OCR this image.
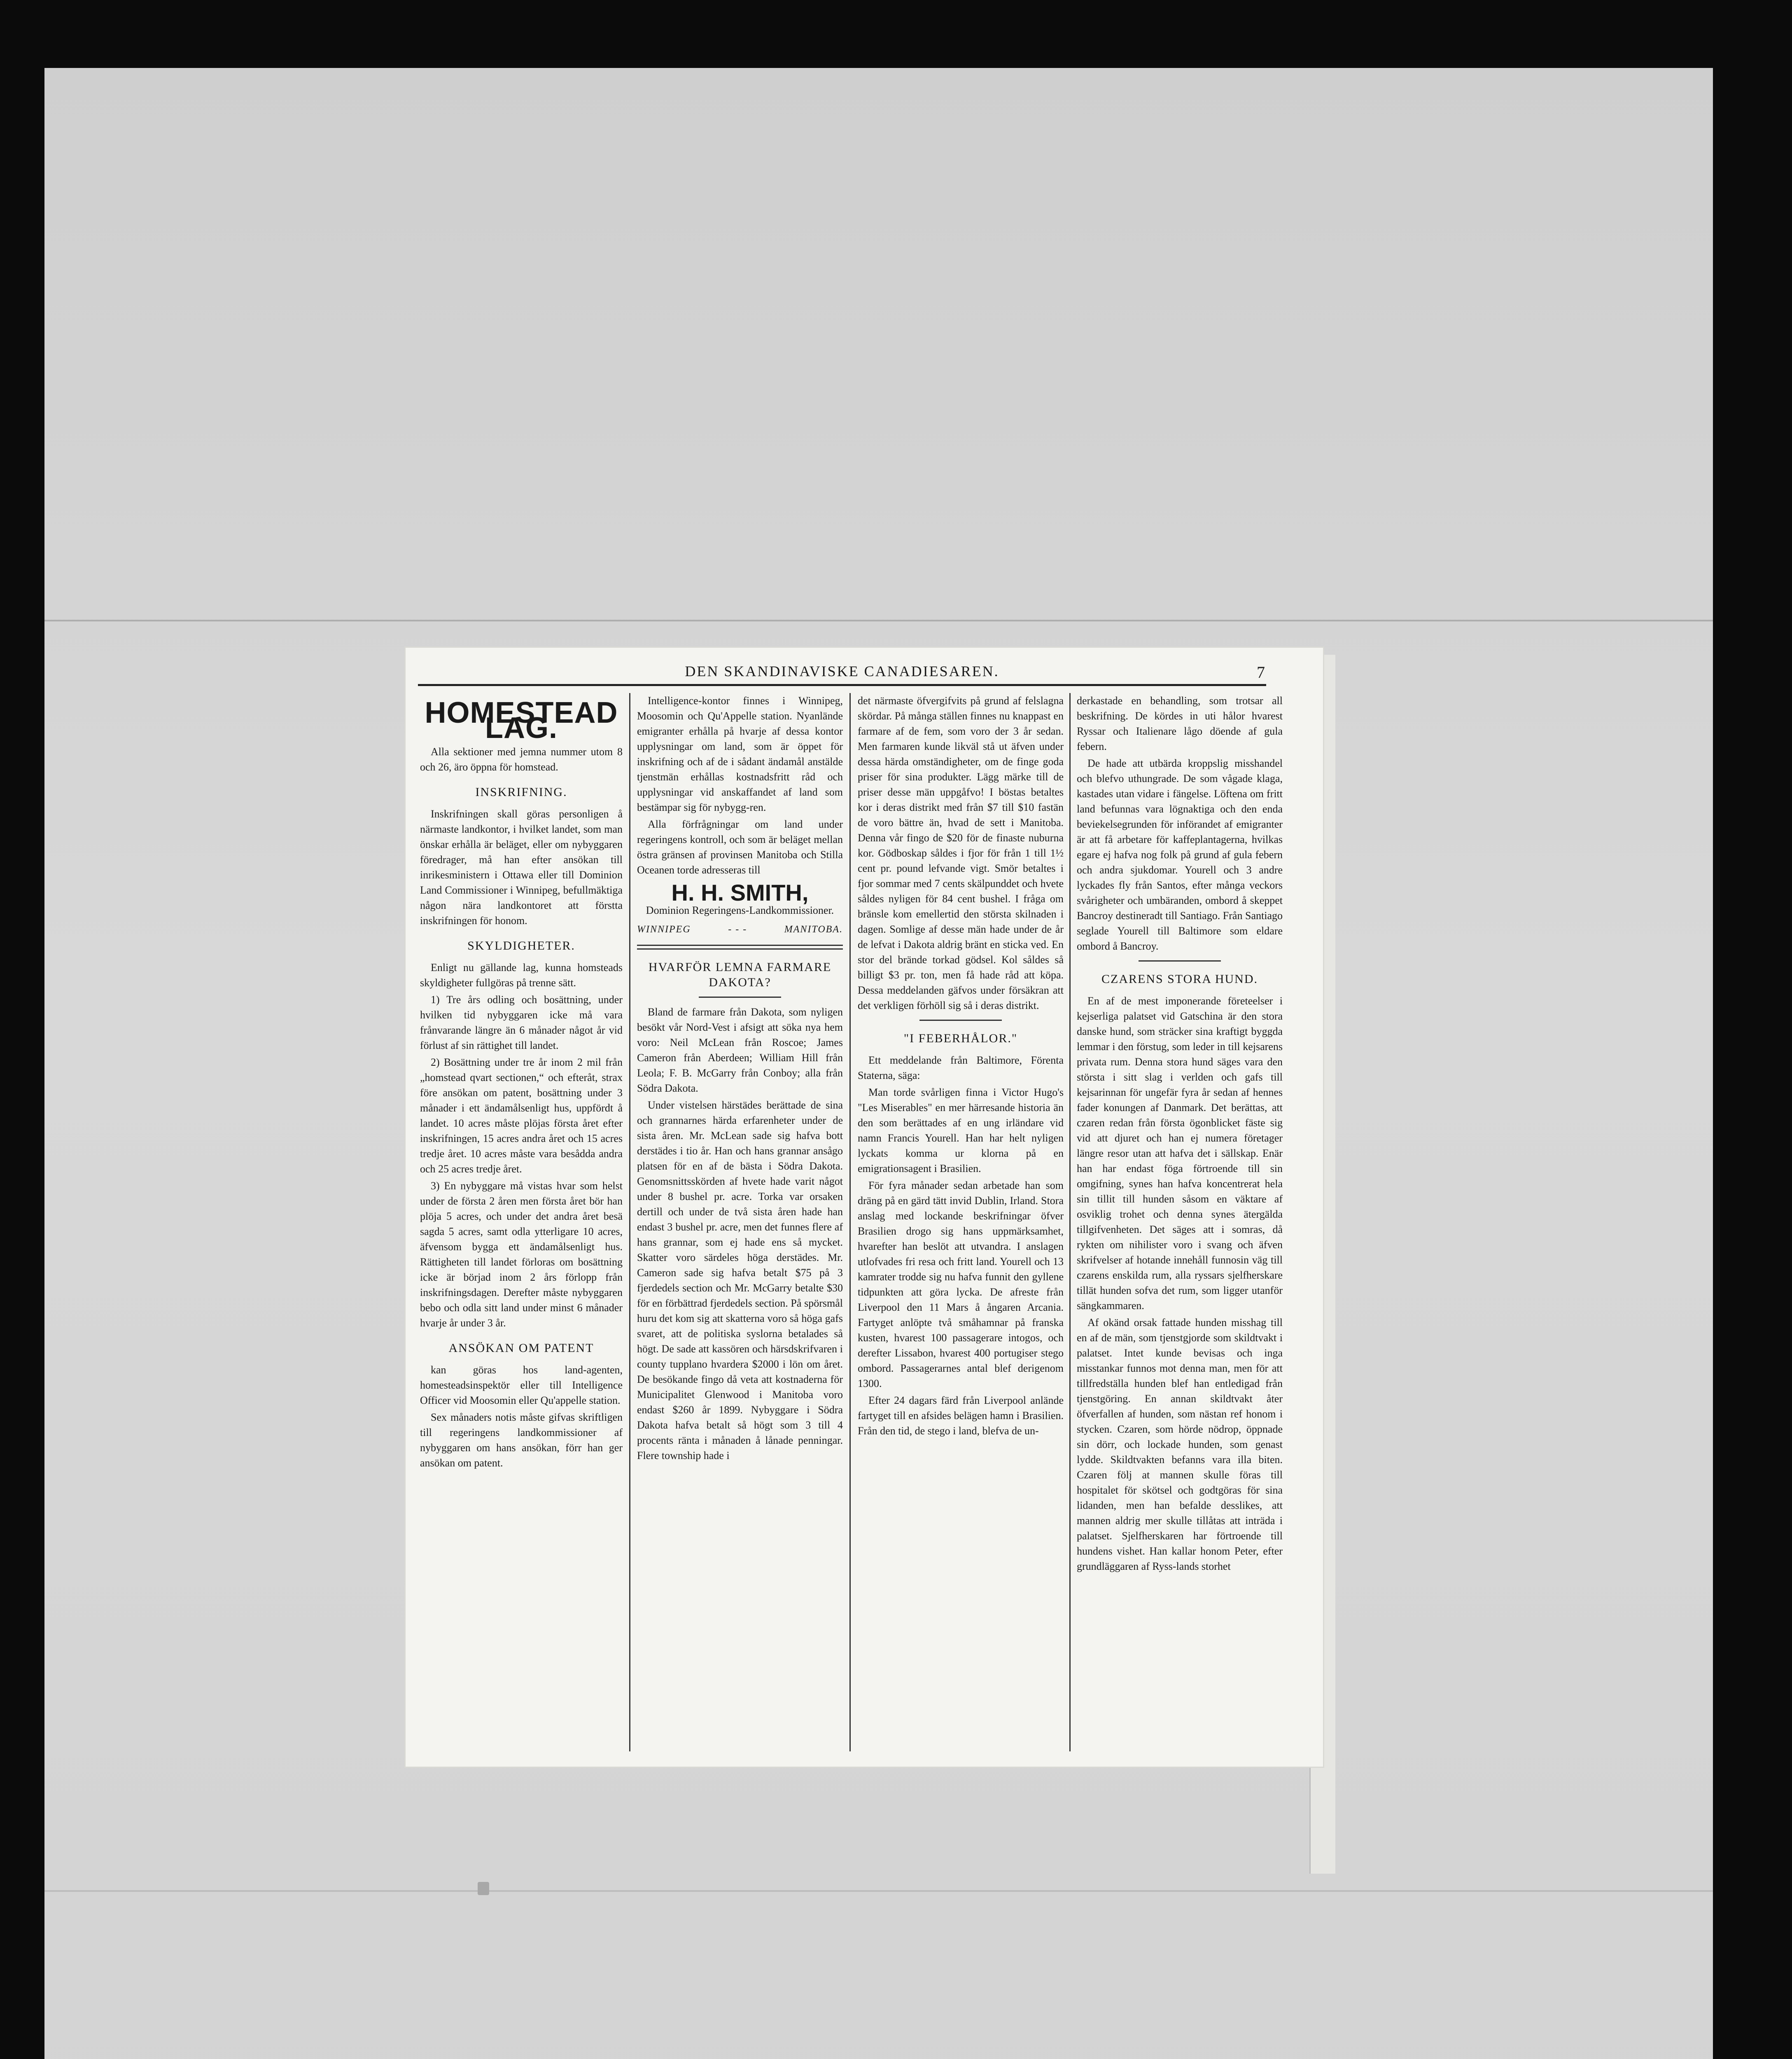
DEN SKANDINAVISKE CANADIESAREN.	7
HOMESTEAD LAG.

Alla sektioner med jemna nummer utom 8 och 26, äro öppna för homstead.

INSKRIFNING.

Inskrifningen skall göras personligen å närmaste landkontor, i hvilket landet, som man önskar erhålla är beläget, eller om nybyggaren föredrager, må han efter ansökan till inrikesministern i Ottawa eller till Dominion Land Commissioner i Winnipeg, befullmäktiga någon nära landkontoret att förstta inskrifningen för honom.

SKYLDIGHETER.

Enligt nu gällande lag, kunna homsteads skyldigheter fullgöras på trenne sätt.

1) Tre års odling och bosättning, under hvilken tid nybyggaren icke må vara frånvarande längre än 6 månader något år vid förlust af sin rättighet till landet.

2) Bosättning under tre år inom 2 mil från „homstead qvart sectionen,“ och efteråt, strax före ansökan om patent, bosättning under 3 månader i ett ändamålsenligt hus, uppfördt å landet. 10 acres måste plöjas första året efter inskrifningen, 15 acres andra året och 15 acres tredje året. 10 acres måste vara besådda andra och 25 acres tredje året.

3) En nybyggare må vistas hvar som helst under de första 2 åren men första året bör han plöja 5 acres, och under det andra året besä sagda 5 acres, samt odla ytterligare 10 acres, äfvensom bygga ett ändamålsenligt hus. Rättigheten till landet förloras om bosättning icke är börjad inom 2 års förlopp från inskrifningsdagen. Derefter måste nybyggaren bebo och odla sitt land under minst 6 månader hvarje år under 3 år.

ANSÖKAN OM PATENT

kan göras hos land-agenten, homesteadsinspektör eller till Intelligence Officer vid Moosomin eller Qu'appelle station.

Sex månaders notis måste gifvas skriftligen till regeringens landkommissioner af nybyggaren om hans ansökan, förr han ger ansökan om patent.

Intelligence-kontor finnes i Winnipeg, Moosomin och Qu'Appelle station. Nyanlände emigranter erhålla på hvarje af dessa kontor upplysningar om land, som är öppet för inskrifning och af de i sådant ändamål anstälde tjenstmän erhållas kostnadsfritt råd och upplysningar vid anskaffandet af land som bestämpar sig för nybygg-ren.

Alla förfrågningar om land under regeringens kontroll, och som är beläget mellan östra gränsen af provinsen Manitoba och Stilla Oceanen torde adresseras till

H. H. SMITH,

Dominion Regeringens-Landkommissioner.

WINNIPEG	- - -	MANITOBA.
HVARFÖR LEMNA FARMARE DAKOTA?

Bland de farmare från Dakota, som nyligen besökt vår Nord-Vest i afsigt att söka nya hem voro: Neil McLean från Roscoe; James Cameron från Aberdeen; William Hill från Leola; F. B. McGarry från Conboy; alla från Södra Dakota.

Under vistelsen härstädes berättade de sina och grannarnes härda erfarenheter under de sista åren. Mr. McLean sade sig hafva bott derstädes i tio år. Han och hans grannar ansågo platsen för en af de bästa i Södra Dakota. Genomsnittsskörden af hvete hade varit något under 8 bushel pr. acre. Torka var orsaken dertill och under de två sista åren hade han endast 3 bushel pr. acre, men det funnes flere af hans grannar, som ej hade ens så mycket. Skatter voro särdeles höga derstädes. Mr. Cameron sade sig hafva betalt $75 på 3 fjerdedels section och Mr. McGarry betalte $30 för en förbättrad fjerdedels section. På spörsmål huru det kom sig att skatterna voro så höga gafs svaret, att de politiska syslorna betalades så högt. De sade att kassören och härsdskrifvaren i county tupplano hvardera $2000 i lön om året. De besökande fingo då veta att kostnaderna för Municipalitet Glenwood i Manitoba voro endast $260 år 1899. Nybyggare i Södra Dakota hafva betalt så högt som 3 till 4 procents ränta i månaden å lånade penningar. Flere township hade i

det närmaste öfvergifvits på grund af felslagna skördar. På många ställen finnes nu knappast en farmare af de fem, som voro der 3 år sedan. Men farmaren kunde likväl stå ut äfven under dessa härda omständigheter, om de finge goda priser för sina produkter. Lägg märke till de priser desse män uppgåfvo! I böstas betaltes kor i deras distrikt med från $7 till $10 fastän de voro bättre än, hvad de sett i Manitoba. Denna vår fingo de $20 för de finaste nuburna kor. Gödboskap såldes i fjor för från 1 till 1½ cent pr. pound lefvande vigt. Smör betaltes i fjor sommar med 7 cents skälpunddet och hvete såldes nyligen för 84 cent bushel. I fråga om bränsle kom emellertid den största skilnaden i dagen. Somlige af desse män hade under de år de lefvat i Dakota aldrig bränt en sticka ved. En stor del brände torkad gödsel. Kol såldes så billigt $3 pr. ton, men få hade råd att köpa. Dessa meddelanden gäfvos under försäkran att det verkligen förhöll sig så i deras distrikt.

"I FEBERHÅLOR."

Ett meddelande från Baltimore, Förenta Staterna, säga:

Man torde svårligen finna i Victor Hugo's "Les Miserables" en mer härresande historia än den som berättades af en ung irländare vid namn Francis Yourell. Han har helt nyligen lyckats komma ur klorna på en emigrationsagent i Brasilien.

För fyra månader sedan arbetade han som dräng på en gärd tätt invid Dublin, Irland. Stora anslag med lockande beskrifningar öfver Brasilien drogo sig hans uppmärksamhet, hvarefter han beslöt att utvandra. I anslagen utlofvades fri resa och fritt land. Yourell och 13 kamrater trodde sig nu hafva funnit den gyllene tidpunkten att göra lycka. De afreste från Liverpool den 11 Mars å ångaren Arcania. Fartyget anlöpte två småhamnar på franska kusten, hvarest 100 passagerare intogos, och derefter Lissabon, hvarest 400 portugiser stego ombord. Passagerarnes antal blef derigenom 1300.

Efter 24 dagars färd från Liverpool anlände fartyget till en afsides belägen hamn i Brasilien. Från den tid, de stego i land, blefva de un-

derkastade en behandling, som trotsar all beskrifning. De kördes in uti hålor hvarest Ryssar och Italienare lågo döende af gula febern.

De hade att utbärda kroppslig misshandel och blefvo uthungrade. De som vågade klaga, kastades utan vidare i fängelse. Löftena om fritt land befunnas vara lögnaktiga och den enda beviekelsegrunden för införandet af emigranter är att få arbetare för kaffeplantagerna, hvilkas egare ej hafva nog folk på grund af gula febern och andra sjukdomar. Yourell och 3 andre lyckades fly från Santos, efter många veckors svårigheter och umbäranden, ombord å skeppet Bancroy destineradt till Santiago. Från Santiago seglade Yourell till Baltimore som eldare ombord å Bancroy.

CZARENS STORA HUND.

En af de mest imponerande företeelser i kejserliga palatset vid Gatschina är den stora danske hund, som sträcker sina kraftigt byggda lemmar i den förstug, som leder in till kejsarens privata rum. Denna stora hund säges vara den största i sitt slag i verlden och gafs till kejsarinnan för ungefär fyra år sedan af hennes fader konungen af Danmark. Det berättas, att czaren redan från första ögonblicket fäste sig vid att djuret och han ej numera företager längre resor utan att hafva det i sällskap. Enär han har endast föga förtroende till sin omgifning, synes han hafva koncentrerat hela sin tillit till hunden såsom en väktare af osviklig trohet och denna synes ätergälda tillgifvenheten. Det säges att i somras, då rykten om nihilister voro i svang och äfven skrifvelser af hotande innehåll funnosin väg till czarens enskilda rum, alla ryssars sjelfherskare tillät hunden sofva det rum, som ligger utanför sängkammaren.

Af okänd orsak fattade hunden misshag till en af de män, som tjenstgjorde som skildtvakt i palatset. Intet kunde bevisas och inga misstankar funnos mot denna man, men för att tillfredställa hunden blef han entledigad från tjenstgöring. En annan skildtvakt åter öfverfallen af hunden, som nästan ref honom i stycken. Czaren, som hörde nödrop, öppnade sin dörr, och lockade hunden, som genast lydde. Skildtvakten befanns vara illa biten. Czaren följ at mannen skulle föras till hospitalet för skötsel och godtgöras för sina lidanden, men han befalde desslikes, att mannen aldrig mer skulle tillåtas att inträda i palatset. Sjelfherskaren har förtroende till hundens vishet. Han kallar honom Peter, efter grundläggaren af Ryss-lands storhet
